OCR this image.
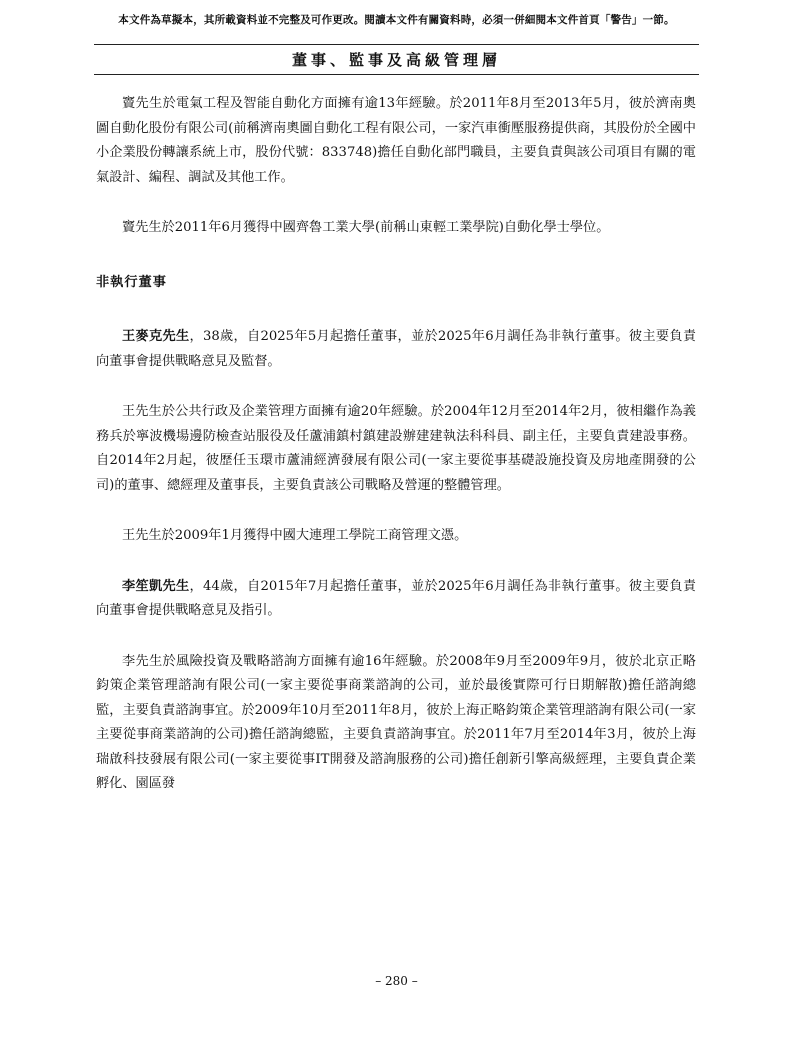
本文件為草擬本，其所載資料並不完整及可作更改。閱讀本文件有關資料時，必須一併細閱本文件首頁「警告」一節。
董事、監事及高級管理層

竇先生於電氣工程及智能自動化方面擁有逾13年經驗。於2011年8月至2013年5月，彼於濟南奧圖自動化股份有限公司(前稱濟南奧圖自動化工程有限公司，一家汽車衝壓服務提供商，其股份於全國中小企業股份轉讓系統上市，股份代號：833748)擔任自動化部門職員，主要負責與該公司項目有關的電氣設計、編程、調試及其他工作。

竇先生於2011年6月獲得中國齊魯工業大學(前稱山東輕工業學院)自動化學士學位。

非執行董事

王麥克先生，38歲，自2025年5月起擔任董事，並於2025年6月調任為非執行董事。彼主要負責向董事會提供戰略意見及監督。

王先生於公共行政及企業管理方面擁有逾20年經驗。於2004年12月至2014年2月，彼相繼作為義務兵於寧波機場邊防檢查站服役及任蘆浦鎮村鎮建設辦建建執法科科員、副主任，主要負責建設事務。自2014年2月起，彼歷任玉環市蘆浦經濟發展有限公司(一家主要從事基礎設施投資及房地產開發的公司)的董事、總經理及董事長，主要負責該公司戰略及營運的整體管理。

王先生於2009年1月獲得中國大連理工學院工商管理文憑。

李笙凱先生，44歲，自2015年7月起擔任董事，並於2025年6月調任為非執行董事。彼主要負責向董事會提供戰略意見及指引。

李先生於風險投資及戰略諮詢方面擁有逾16年經驗。於2008年9月至2009年9月，彼於北京正略鈞策企業管理諮詢有限公司(一家主要從事商業諮詢的公司，並於最後實際可行日期解散)擔任諮詢總監，主要負責諮詢事宜。於2009年10月至2011年8月，彼於上海正略鈞策企業管理諮詢有限公司(一家主要從事商業諮詢的公司)擔任諮詢總監，主要負責諮詢事宜。於2011年7月至2014年3月，彼於上海瑞啟科技發展有限公司(一家主要從事IT開發及諮詢服務的公司)擔任創新引擎高級經理，主要負責企業孵化、園區發

– 280 –
